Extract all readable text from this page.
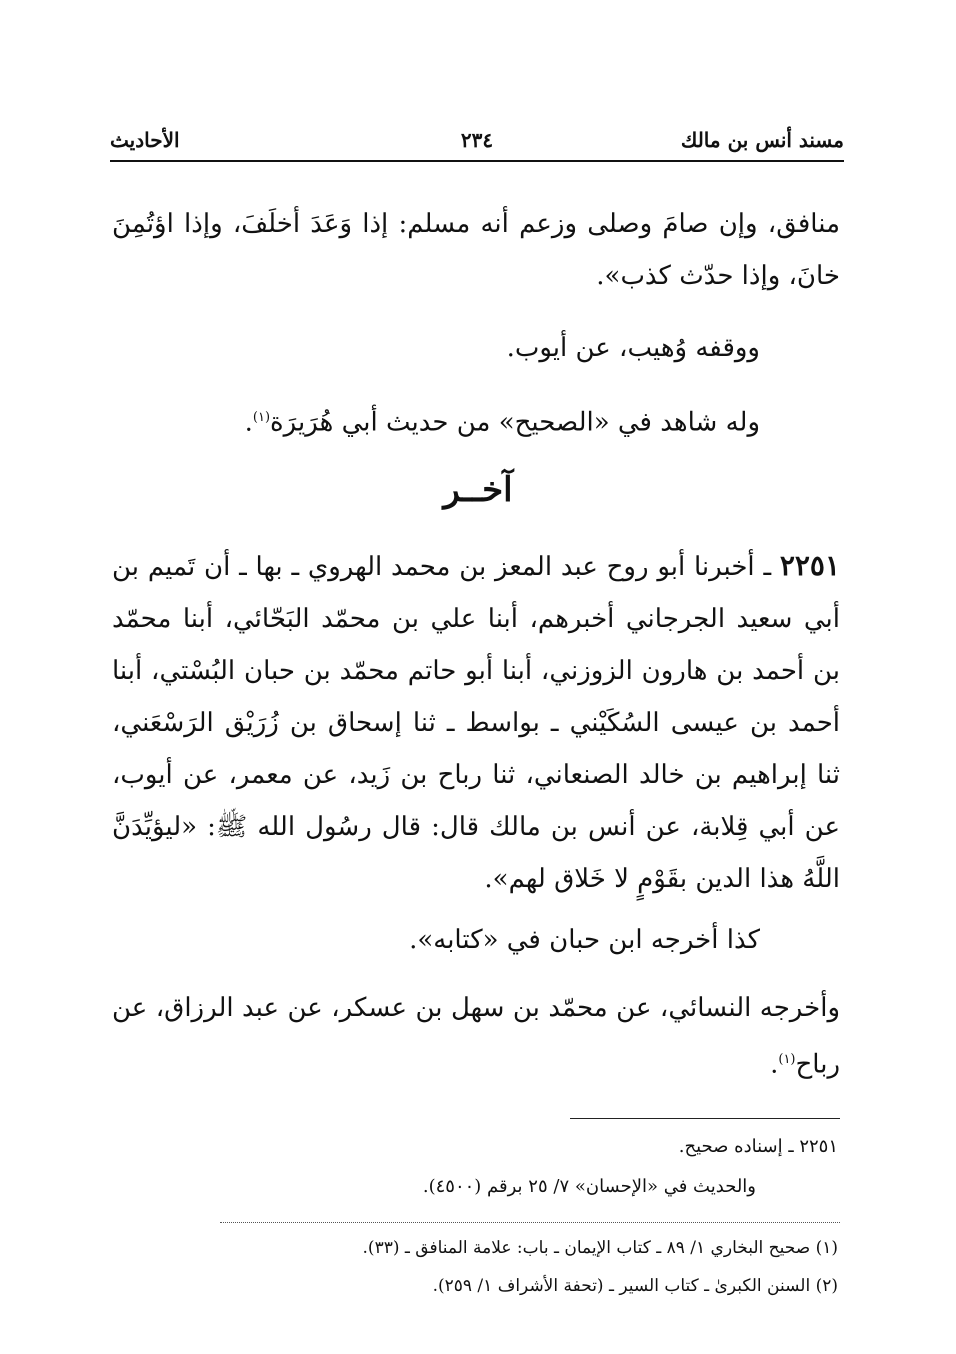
مسند أنس بن مالك
٢٣٤
الأحاديث
منافق، وإن صامَ وصلى وزعم أنه مسلم: إذا وَعَدَ أخلَفَ، وإذا اؤتُمِنَ خانَ، وإذا حدّث كذب».
ووقفه وُهيب، عن أيوب.
وله شاهد في «الصحيح» من حديث أبي هُرَيرَة$^{(١)}$.
آخــر
٢٢٥١ ـ أخبرنا أبو روح عبد المعز بن محمد الهروي ـ بها ـ أن تَميم بن أبي سعيد الجرجاني أخبرهم، أبنا علي بن محمّد البَحّائي، أبنا محمّد بن أحمد بن هارون الزوزني، أبنا أبو حاتم محمّد بن حبان البُسْتي، أبنا أحمد بن عيسى السُكَيْني ـ بواسط ـ ثنا إسحاق بن زُرَيْق الرَسْعَني، ثنا إبراهيم بن خالد الصنعاني، ثنا رباح بن زَيد، عن معمر، عن أيوب، عن أبي قِلابة، عن أنس بن مالك قال: قال رسُول الله ﷺ: «ليؤيِّدَنَّ اللَّهُ هذا الدين بقَوْمٍ لا خَلاق لهم».
كذا أخرجه ابن حبان في «كتابه».
وأخرجه النسائي، عن محمّد بن سهل بن عسكر، عن عبد الرزاق، عن رباح$^{(١)}$.
٢٢٥١ ـ إسناده صحيح.
والحديث في «الإحسان» ٧/ ٢٥ برقم (٤٥٠٠).
(١) صحيح البخاري ١/ ٨٩ ـ كتاب الإيمان ـ باب: علامة المنافق ـ (٣٣).
(٢) السنن الكبرىٰ ـ كتاب السير ـ (تحفة الأشراف ١/ ٢٥٩).
